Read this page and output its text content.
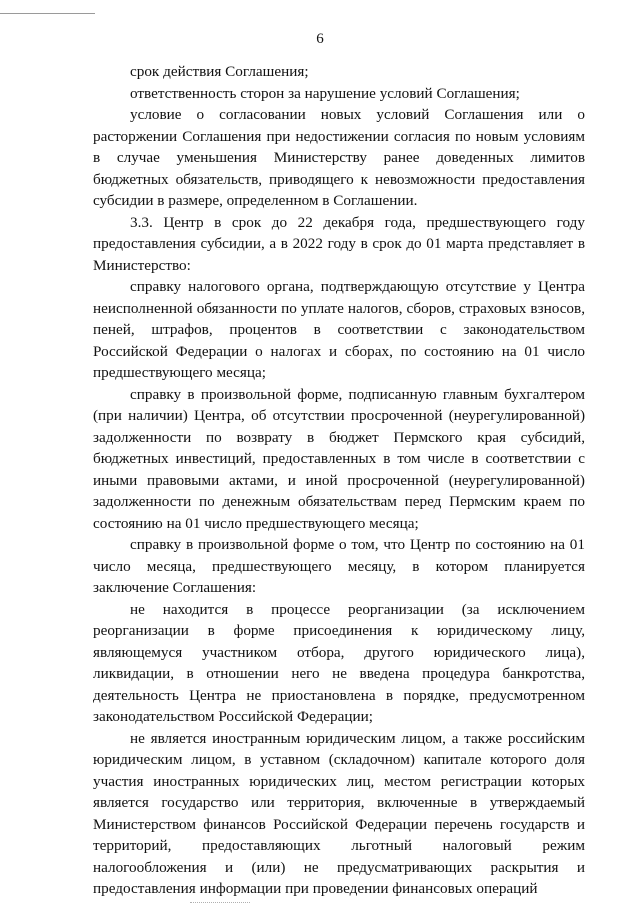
6

срок действия Соглашения;

ответственность сторон за нарушение условий Соглашения;

условие о согласовании новых условий Соглашения или о расторжении Соглашения при недостижении согласия по новым условиям в случае уменьшения Министерству ранее доведенных лимитов бюджетных обязательств, приводящего к невозможности предоставления субсидии в размере, определенном в Соглашении.

3.3. Центр в срок до 22 декабря года, предшествующего году предоставления субсидии, а в 2022 году в срок до 01 марта представляет в Министерство:

справку налогового органа, подтверждающую отсутствие у Центра неисполненной обязанности по уплате налогов, сборов, страховых взносов, пеней, штрафов, процентов в соответствии с законодательством Российской Федерации о налогах и сборах, по состоянию на 01 число предшествующего месяца;

справку в произвольной форме, подписанную главным бухгалтером (при наличии) Центра, об отсутствии просроченной (неурегулированной) задолженности по возврату в бюджет Пермского края субсидий, бюджетных инвестиций, предоставленных в том числе в соответствии с иными правовыми актами, и иной просроченной (неурегулированной) задолженности по денежным обязательствам перед Пермским краем по состоянию на 01 число предшествующего месяца;

справку в произвольной форме о том, что Центр по состоянию на 01 число месяца, предшествующего месяцу, в котором планируется заключение Соглашения:

не находится в процессе реорганизации (за исключением реорганизации в форме присоединения к юридическому лицу, являющемуся участником отбора, другого юридического лица), ликвидации, в отношении него не введена процедура банкротства, деятельность Центра не приостановлена в порядке, предусмотренном законодательством Российской Федерации;

не является иностранным юридическим лицом, а также российским юридическим лицом, в уставном (складочном) капитале которого доля участия иностранных юридических лиц, местом регистрации которых является государство или территория, включенные в утверждаемый Министерством финансов Российской Федерации перечень государств и территорий, предоставляющих льготный налоговый режим налогообложения и (или) не предусматривающих раскрытия и предоставления информации при проведении финансовых операций
